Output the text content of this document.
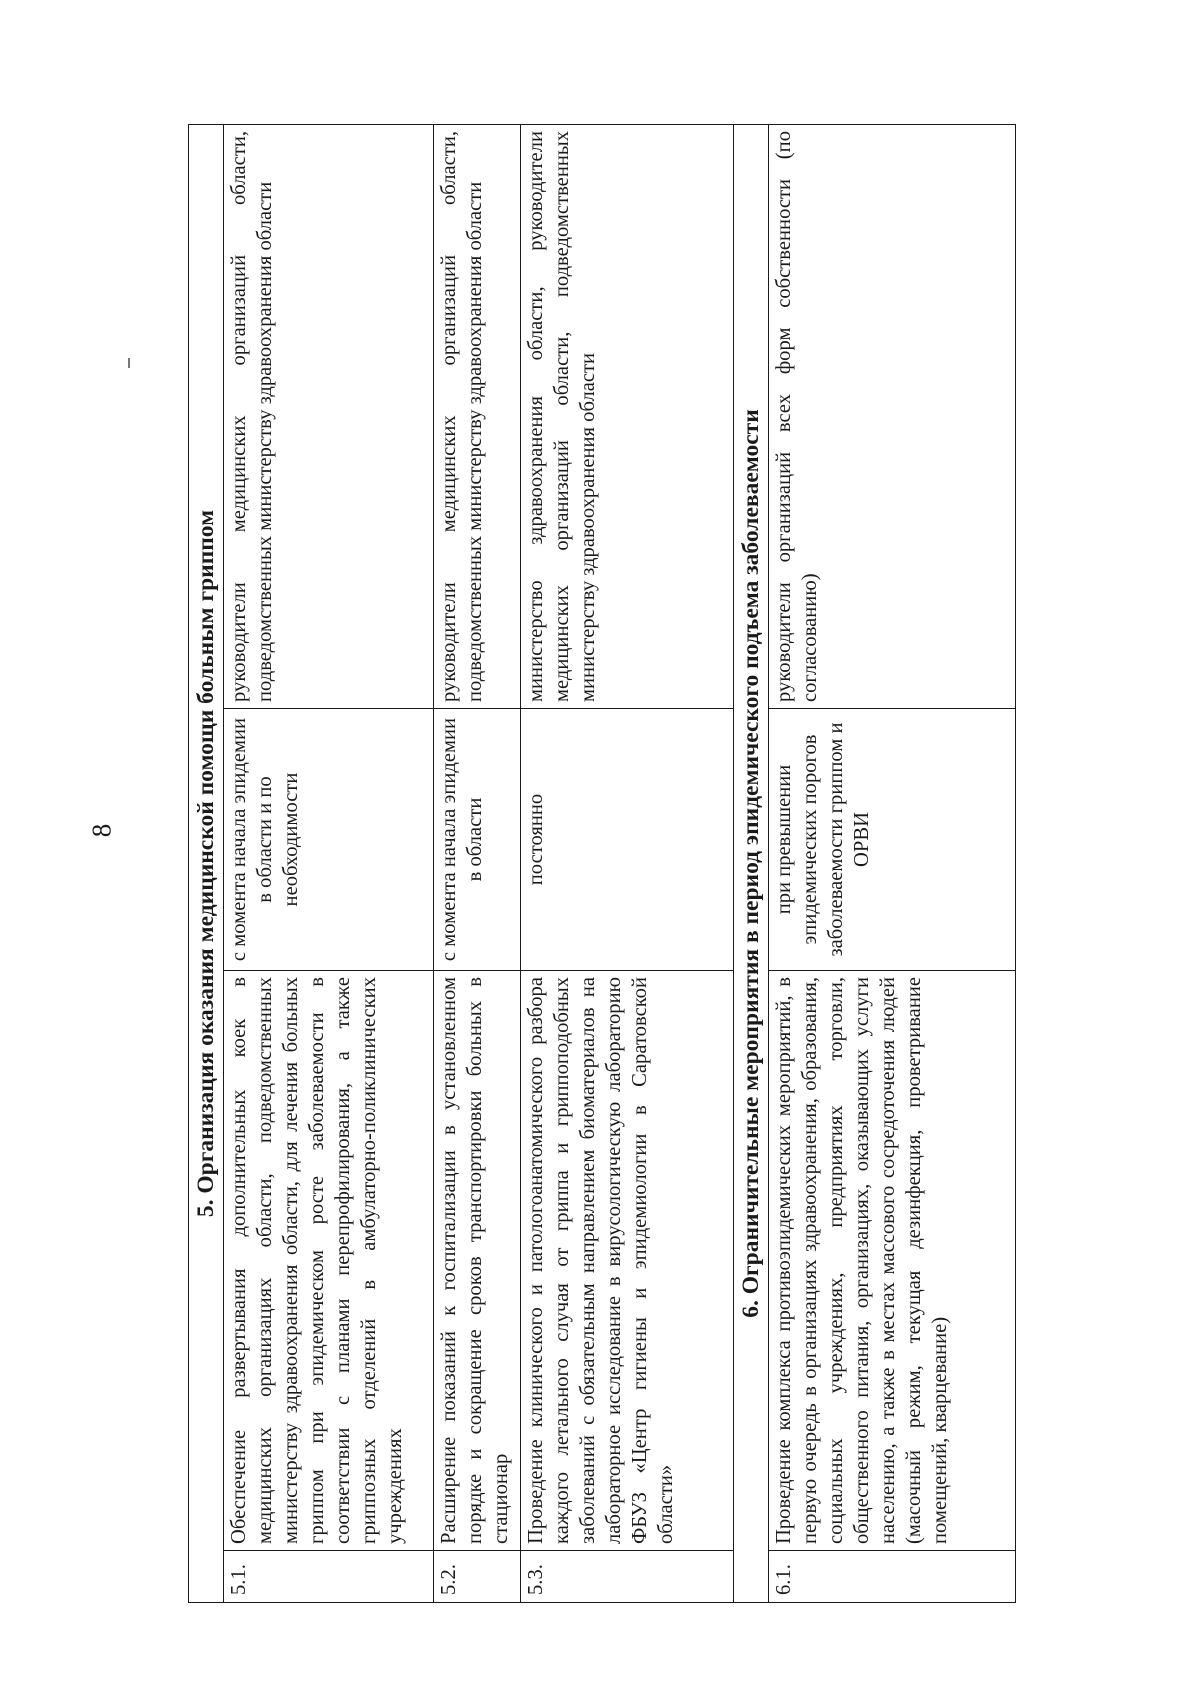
8	5. Организация оказания медицинской помощи больным гриппом			
5.1.	Обеспечение развертывания дополнительных коек в медицинских организациях области, подведомственных министерству здравоохранения области, для лечения больных гриппом при эпидемическом росте заболеваемости в соответствии с планами перепрофилирования, а также гриппозных отделений в амбулаторно-поликлинических учреждениях	с момента начала эпидемии в области и по необходимости	руководители медицинских организаций области, подведомственных министерству здравоохранения области
5.2.	Расширение показаний к госпитализации в установленном порядке и сокращение сроков транспортировки больных в стационар	с момента начала эпидемии в области	руководители медицинских организаций области, подведомственных министерству здравоохранения области
5.3.	Проведение клинического и патологоанатомического разбора каждого летального случая от гриппа и гриппоподобных заболеваний с обязательным направлением биоматериалов на лабораторное исследование в вирусологическую лабораторию ФБУЗ «Центр гигиены и эпидемиологии в Саратовской области»	постоянно	министерство здравоохранения области, руководители медицинских организаций области, подведомственных министерству здравоохранения области
6. Ограничительные мероприятия в период эпидемического подъема заболеваемости			
6.1.	Проведение комплекса противоэпидемических мероприятий, в первую очередь в организациях здравоохранения, образования, социальных учреждениях, предприятиях торговли, общественного питания, организациях, оказывающих услуги населению, а также в местах массового сосредоточения людей (масочный режим, текущая дезинфекция, проветривание помещений, кварцевание)	при превышении эпидемических порогов заболеваемости гриппом и ОРВИ	руководители организаций всех форм собственности (по согласованию)
